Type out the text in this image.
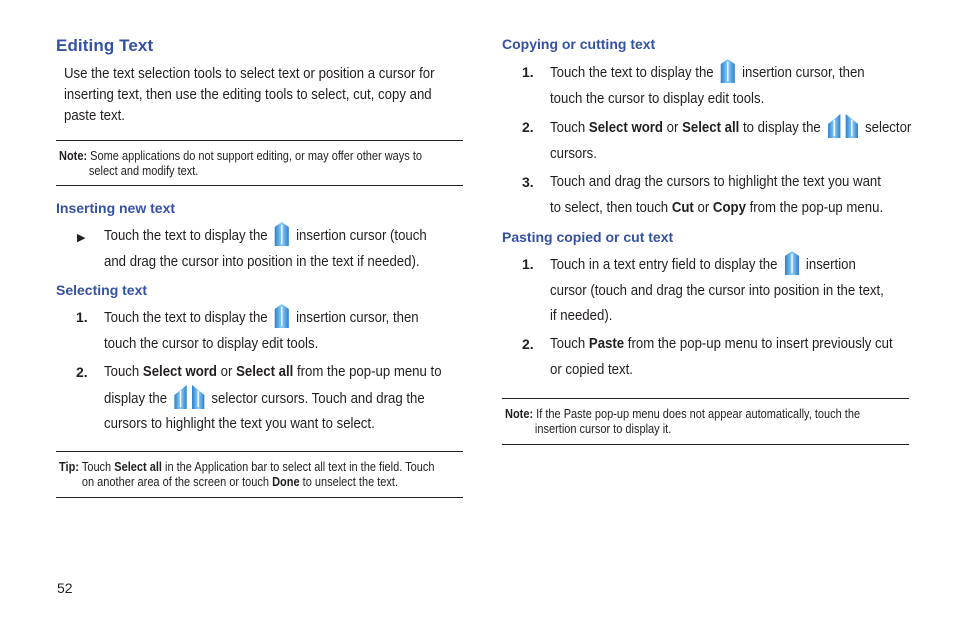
Editing Text
Use the text selection tools to select text or position a cursor for
inserting text, then use the editing tools to select, cut, copy and
paste text.
Note: Some applications do not support editing, or may offer other ways to
select and modify text.
Inserting new text
▶ Touch the text to display the insertion cursor (touch
and drag the cursor into position in the text if needed).
Selecting text
1. Touch the text to display the insertion cursor, then
touch the cursor to display edit tools.
2. Touch Select word or Select all from the pop-up menu to
display the	selector cursors. Touch and drag the
cursors to highlight the text you want to select.
Tip: Touch Select all in the Application bar to select all text in the field. Touch
on another area of the screen or touch Done to unselect the text.
52
Copying or cutting text
1. Touch the text to display the insertion cursor, then
touch the cursor to display edit tools.
2. Touch Select word or Select all to display the	selector
cursors.
3. Touch and drag the cursors to highlight the text you want
to select, then touch Cut or Copy from the pop-up menu.
Pasting copied or cut text
1. Touch in a text entry field to display the insertion
cursor (touch and drag the cursor into position in the text,
if needed).
2. Touch Paste from the pop-up menu to insert previously cut
or copied text.
Note: If the Paste pop-up menu does not appear automatically, touch the
insertion cursor to display it.
